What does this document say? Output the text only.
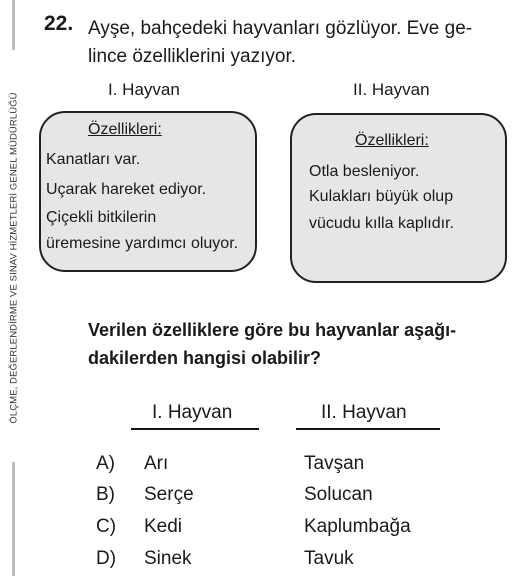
ÖLÇME, DEĞERLENDİRME VE SINAV HİZMETLERİ GENEL MÜDÜRLÜĞÜ
22. Ayşe, bahçedeki hayvanları gözlüyor. Eve ge-
lince özelliklerini yazıyor.
I. Hayvan	II. Hayvan
Özellikleri:
Kanatları var.
Uçarak hareket ediyor.
Çiçekli bitkilerin
üremesine yardımcı oluyor.
Özellikleri:
Otla besleniyor.
Kulakları büyük olup
vücudu kılla kaplıdır.
Verilen özelliklere göre bu hayvanlar aşağı-
dakilerden hangisi olabilir?
I. Hayvan	II. Hayvan
A) Arı	Tavşan
B) Serçe	Solucan
C) Kedi	Kaplumbağa
D) Sinek	Tavuk
